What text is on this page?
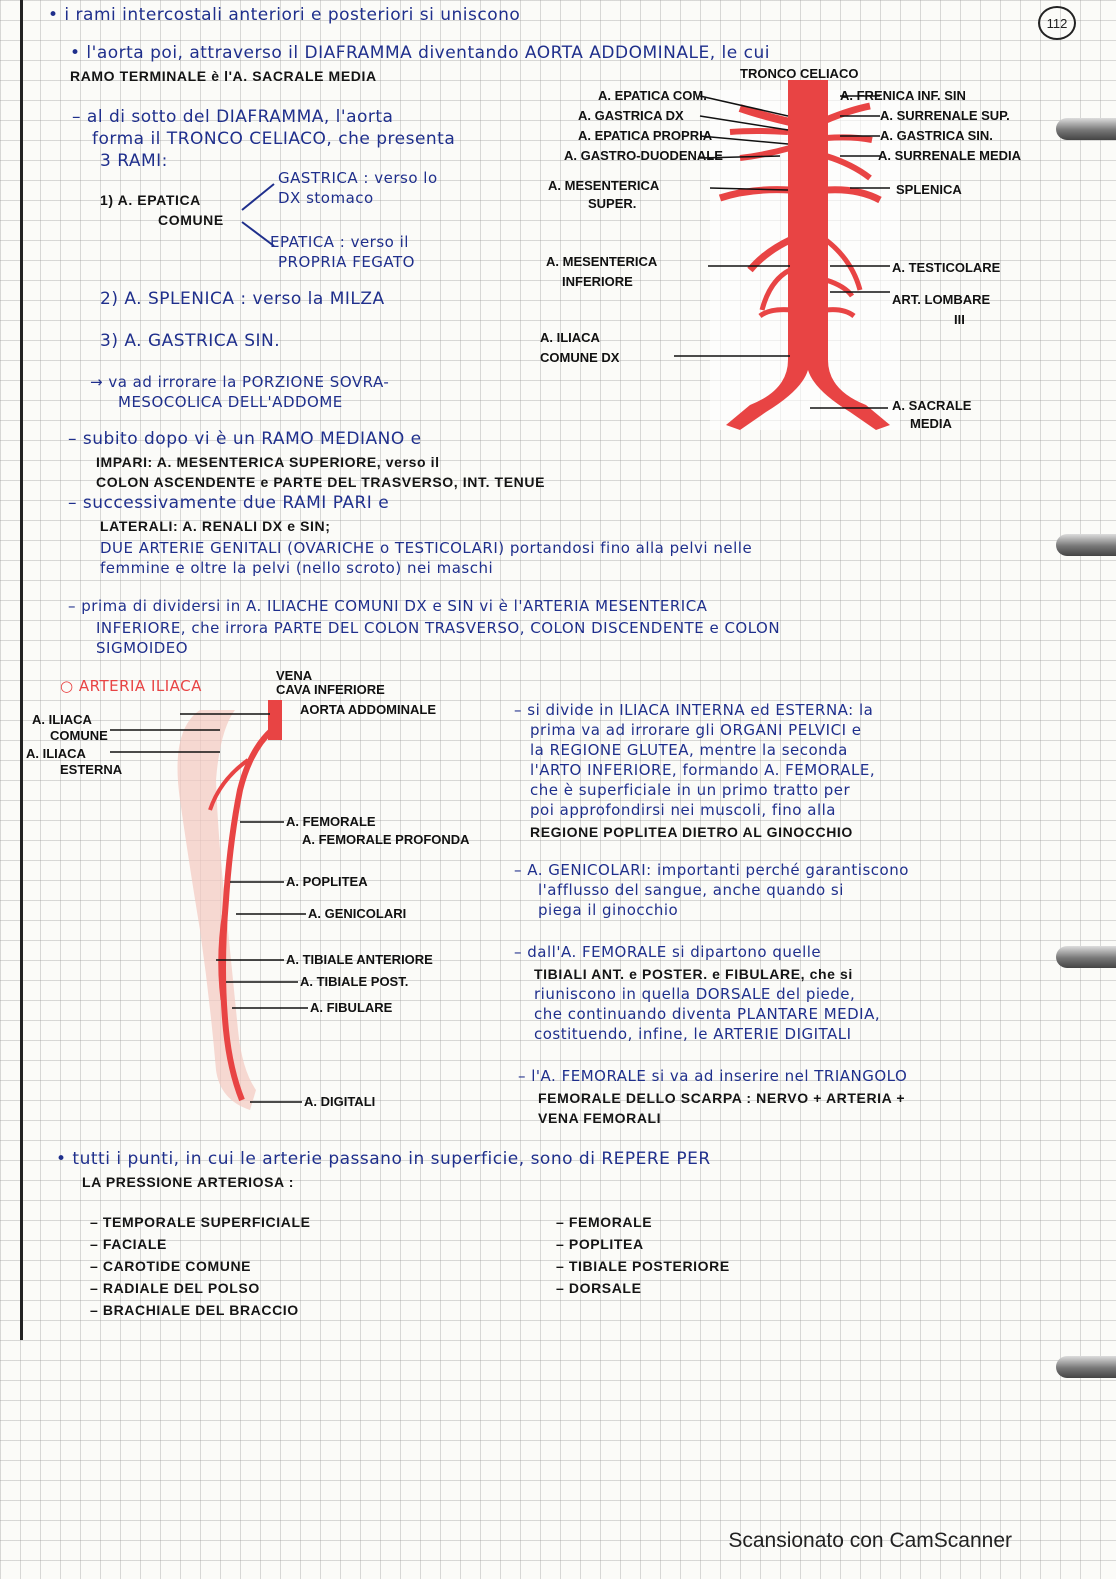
112
• i rami intercostali anteriori e posteriori si uniscono
• l'aorta poi, attraverso il DIAFRAMMA diventando AORTA ADDOMINALE, le cui
RAMO TERMINALE è l'A. SACRALE MEDIA
– al di sotto del DIAFRAMMA, l'aorta
forma il TRONCO CELIACO, che presenta
3 RAMI:
1) A. EPATICA
COMUNE
GASTRICA : verso lo
DX stomaco
EPATICA : verso il
PROPRIA FEGATO
2) A. SPLENICA : verso la MILZA
3) A. GASTRICA SIN.
→ va ad irrorare la PORZIONE SOVRA-
MESOCOLICA DELL'ADDOME
TRONCO CELIACO
A. EPATICA COM.
A. GASTRICA DX
A. EPATICA PROPRIA
A. GASTRO-DUODENALE
A. MESENTERICA
SUPER.
A. MESENTERICA
INFERIORE
A. ILIACA
COMUNE DX
A. FRENICA INF. SIN
A. SURRENALE SUP.
A. GASTRICA SIN.
A. SURRENALE MEDIA
SPLENICA
A. TESTICOLARE
ART. LOMBARE
III
A. SACRALE
MEDIA
– subito dopo vi è un RAMO MEDIANO e
IMPARI: A. MESENTERICA SUPERIORE, verso il
COLON ASCENDENTE e PARTE DEL TRASVERSO, INT. TENUE
– successivamente due RAMI PARI e
LATERALI: A. RENALI DX e SIN;
DUE ARTERIE GENITALI (OVARICHE o TESTICOLARI) portandosi fino alla pelvi nelle
femmine e oltre la pelvi (nello scroto) nei maschi
– prima di dividersi in A. ILIACHE COMUNI DX e SIN vi è l'ARTERIA MESENTERICA
INFERIORE, che irrora PARTE DEL COLON TRASVERSO, COLON DISCENDENTE e COLON
SIGMOIDEO
○ ARTERIA ILIACA
VENA
CAVA INFERIORE
AORTA ADDOMINALE
A. ILIACA
COMUNE
A. ILIACA
ESTERNA
A. FEMORALE
A. FEMORALE PROFONDA
A. POPLITEA
A. GENICOLARI
A. TIBIALE ANTERIORE
A. TIBIALE POST.
A. FIBULARE
A. DIGITALI
– si divide in ILIACA INTERNA ed ESTERNA: la
prima va ad irrorare gli ORGANI PELVICI e
la REGIONE GLUTEA, mentre la seconda
l'ARTO INFERIORE, formando A. FEMORALE,
che è superficiale in un primo tratto per
poi approfondirsi nei muscoli, fino alla
REGIONE POPLITEA DIETRO AL GINOCCHIO
– A. GENICOLARI: importanti perché garantiscono
l'afflusso del sangue, anche quando si
piega il ginocchio
– dall'A. FEMORALE si dipartono quelle
TIBIALI ANT. e POSTER. e FIBULARE, che si
riuniscono in quella DORSALE del piede,
che continuando diventa PLANTARE MEDIA,
costituendo, infine, le ARTERIE DIGITALI
– l'A. FEMORALE si va ad inserire nel TRIANGOLO
FEMORALE DELLO SCARPA : NERVO + ARTERIA +
VENA FEMORALI
• tutti i punti, in cui le arterie passano in superficie, sono di REPERE PER
LA PRESSIONE ARTERIOSA :
– TEMPORALE SUPERFICIALE
– FACIALE
– CAROTIDE COMUNE
– RADIALE DEL POLSO
– BRACHIALE DEL BRACCIO
– FEMORALE
– POPLITEA
– TIBIALE POSTERIORE
– DORSALE
Scansionato con CamScanner
